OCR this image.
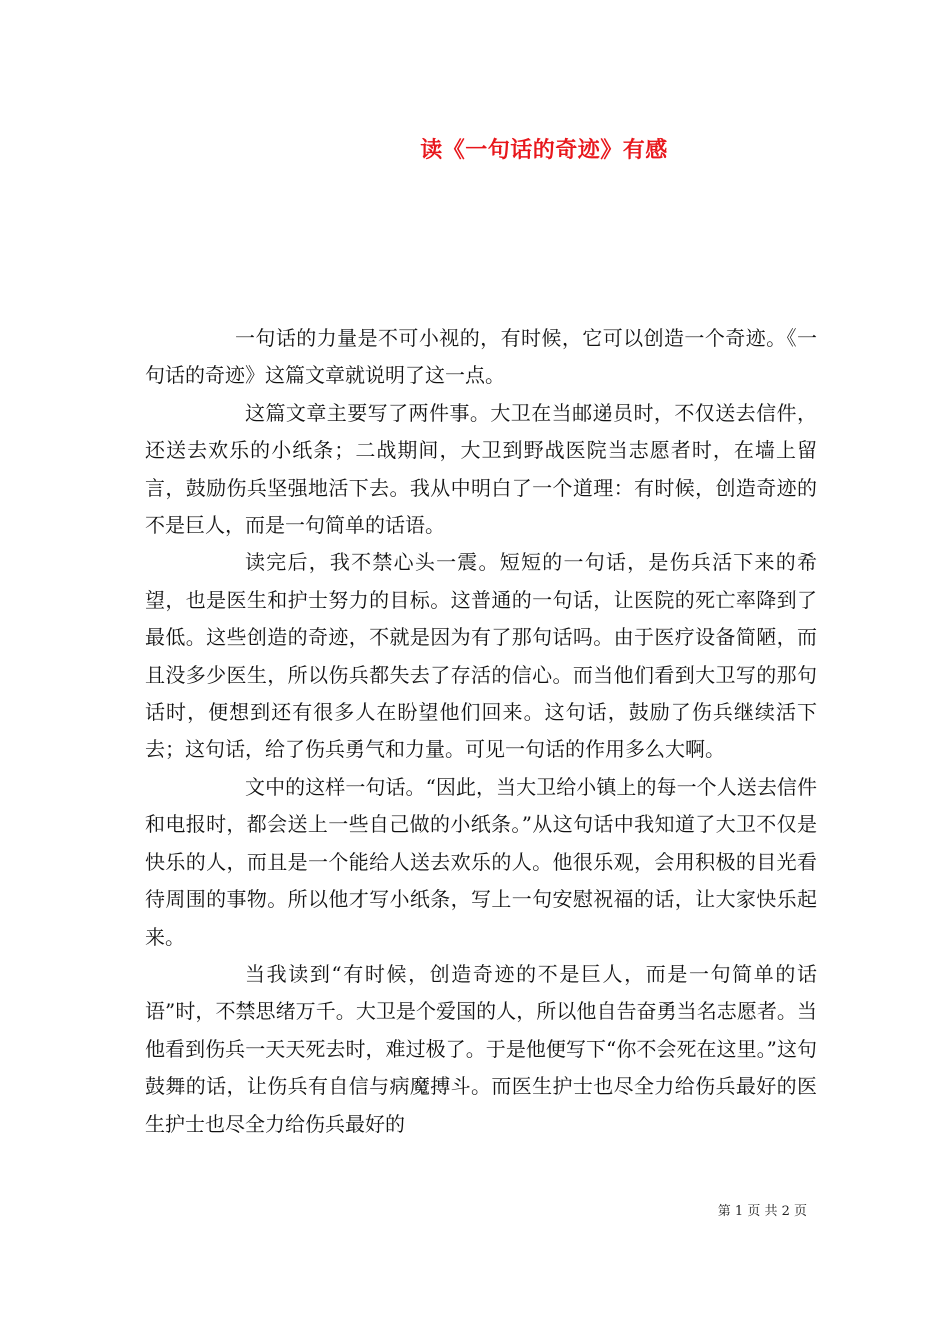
读《一句话的奇迹》有感

一句话的力量是不可小视的，有时候，它可以创造一个奇迹。《一句话的奇迹》这篇文章就说明了这一点。

这篇文章主要写了两件事。大卫在当邮递员时，不仅送去信件，还送去欢乐的小纸条；二战期间，大卫到野战医院当志愿者时，在墙上留言，鼓励伤兵坚强地活下去。我从中明白了一个道理：有时候，创造奇迹的不是巨人，而是一句简单的话语。

读完后，我不禁心头一震。短短的一句话，是伤兵活下来的希望，也是医生和护士努力的目标。这普通的一句话，让医院的死亡率降到了最低。这些创造的奇迹，不就是因为有了那句话吗。由于医疗设备简陋，而且没多少医生，所以伤兵都失去了存活的信心。而当他们看到大卫写的那句话时，便想到还有很多人在盼望他们回来。这句话，鼓励了伤兵继续活下去；这句话，给了伤兵勇气和力量。可见一句话的作用多么大啊。

文中的这样一句话。“因此，当大卫给小镇上的每一个人送去信件和电报时，都会送上一些自己做的小纸条。”从这句话中我知道了大卫不仅是快乐的人，而且是一个能给人送去欢乐的人。他很乐观，会用积极的目光看待周围的事物。所以他才写小纸条，写上一句安慰祝福的话，让大家快乐起来。

当我读到“有时候，创造奇迹的不是巨人，而是一句简单的话语”时，不禁思绪万千。大卫是个爱国的人，所以他自告奋勇当名志愿者。当他看到伤兵一天天死去时，难过极了。于是他便写下“你不会死在这里。”这句鼓舞的话，让伤兵有自信与病魔搏斗。而医生护士也尽全力给伤兵最好的医生护士也尽全力给伤兵最好的

第 1 页 共 2 页
